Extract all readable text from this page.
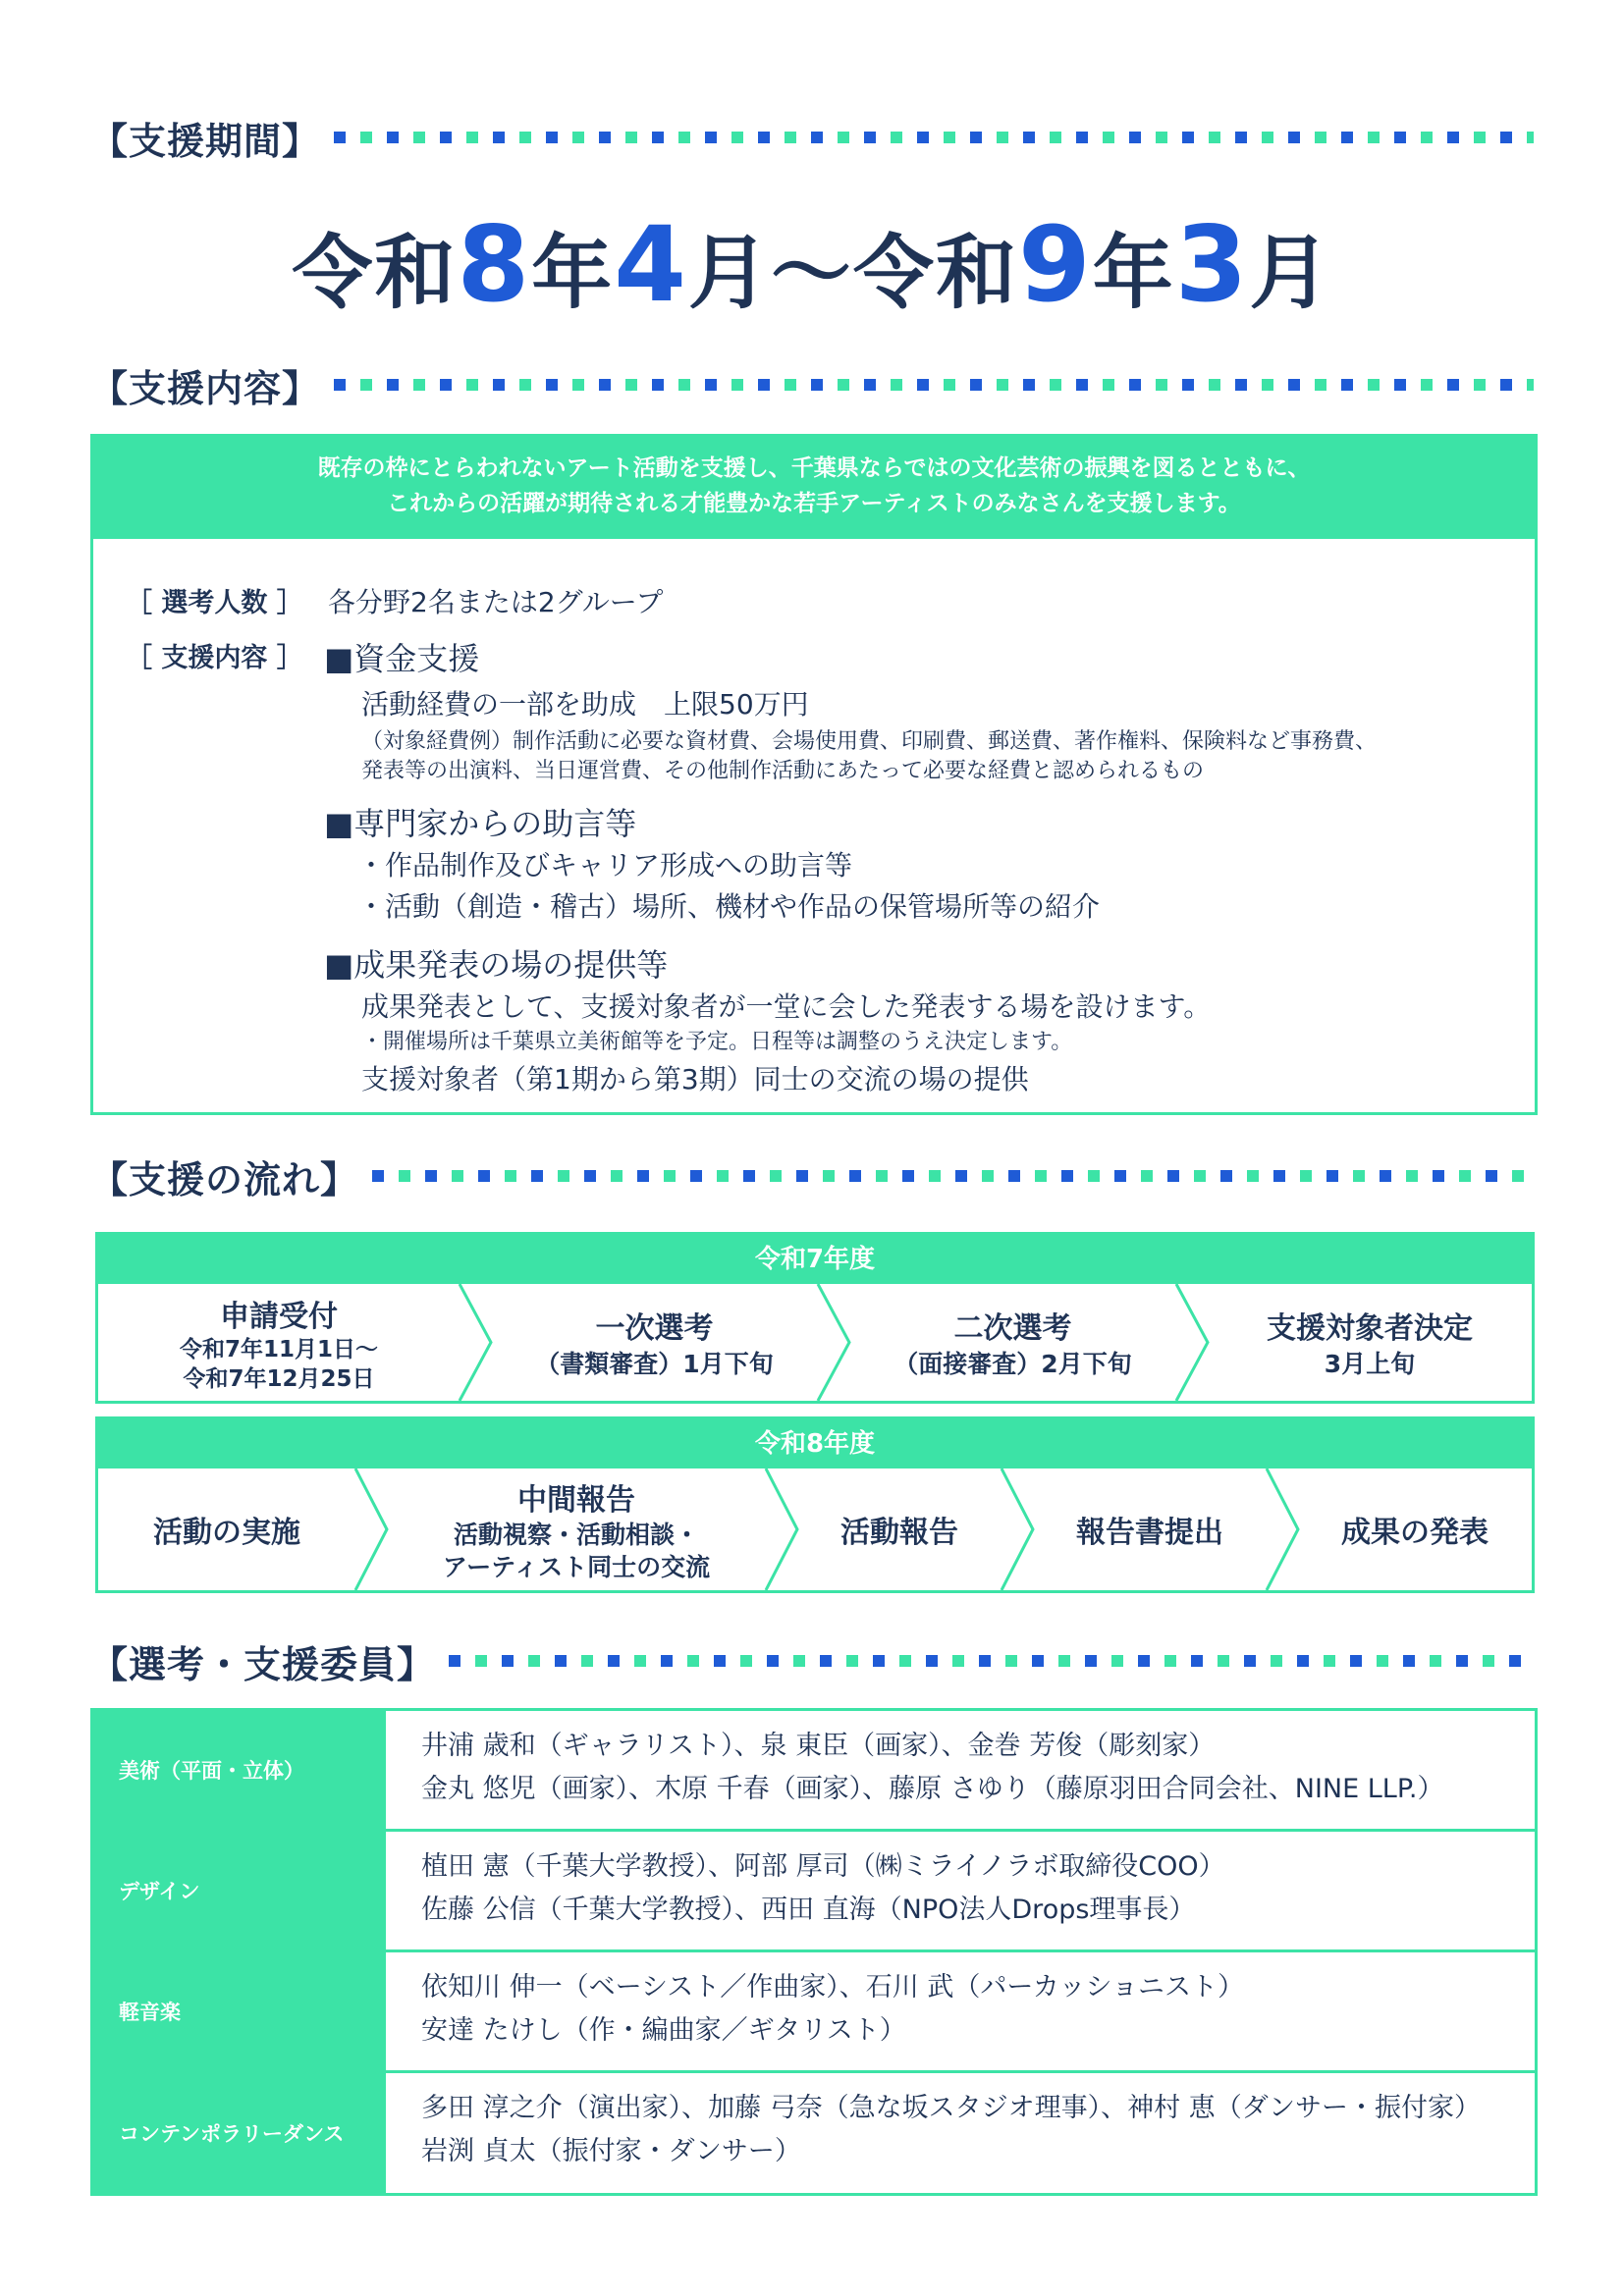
【支援期間】
令和8年4月〜令和9年3月
【支援内容】
既存の枠にとらわれないアート活動を支援し、千葉県ならではの文化芸術の振興を図るとともに、
これからの活躍が期待される才能豊かな若手アーティストのみなさんを支援します。
［ 選考人数 ］ 各分野2名または2グループ
［ 支援内容 ］ ■資金支援
活動経費の一部を助成　上限50万円
（対象経費例）制作活動に必要な資材費、会場使用費、印刷費、郵送費、著作権料、保険料など事務費、
発表等の出演料、当日運営費、その他制作活動にあたって必要な経費と認められるもの
■専門家からの助言等
・作品制作及びキャリア形成への助言等
・活動（創造・稽古）場所、機材や作品の保管場所等の紹介
■成果発表の場の提供等
成果発表として、支援対象者が一堂に会した発表する場を設けます。
・開催場所は千葉県立美術館等を予定。日程等は調整のうえ決定します。
支援対象者（第1期から第3期）同士の交流の場の提供
【支援の流れ】
令和7年度
申請受付
令和7年11月1日〜
令和7年12月25日
一次選考
（書類審査）1月下旬
二次選考
（面接審査）2月下旬
支援対象者決定
3月上旬
令和8年度
活動の実施
中間報告
活動視察・活動相談・
アーティスト同士の交流
活動報告	報告書提出	成果の発表
【選考・支援委員】
美術（平面・立体）
井浦 歳和（ギャラリスト）、泉 東臣（画家）、金巻 芳俊（彫刻家）
金丸 悠児（画家）、木原 千春（画家）、藤原 さゆり（藤原羽田合同会社、NINE LLP.）
デザイン
植田 憲（千葉大学教授）、阿部 厚司（㈱ミライノラボ取締役COO）
佐藤 公信（千葉大学教授）、西田 直海（NPO法人Drops理事長）
軽音楽
依知川 伸一（ベーシスト／作曲家）、石川 武（パーカッショニスト）
安達 たけし（作・編曲家／ギタリスト）
コンテンポラリーダンス
多田 淳之介（演出家）、加藤 弓奈（急な坂スタジオ理事）、神村 恵（ダンサー・振付家）
岩渕 貞太（振付家・ダンサー）
